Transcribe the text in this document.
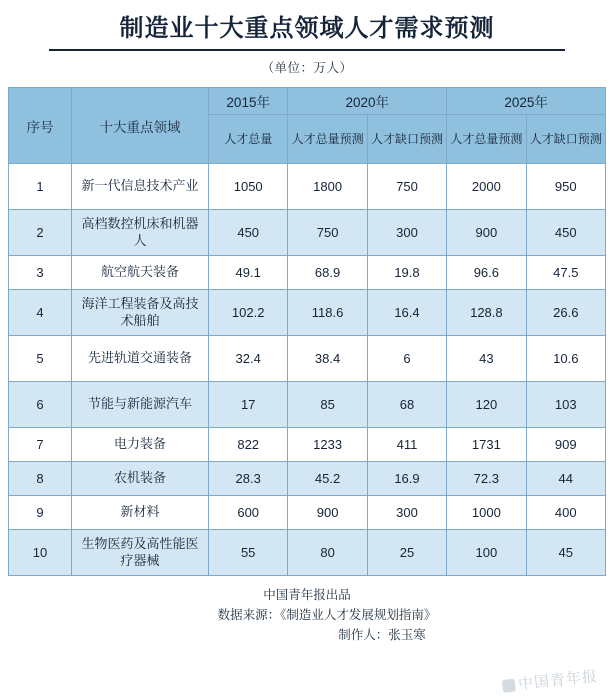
制造业十大重点领域人才需求预测
（单位：万人）
序号	十大重点领域	2015年	2020年		2025年	
		人才总量	人才总量预测	人才缺口预测	人才总量预测	人才缺口预测
1	新一代信息技术产业	1050	1800	750	2000	950
2	高档数控机床和机器人	450	750	300	900	450
3	航空航天装备	49.1	68.9	19.8	96.6	47.5
4	海洋工程装备及高技术船舶	102.2	118.6	16.4	128.8	26.6
5	先进轨道交通装备	32.4	38.4	6	43	10.6
6	节能与新能源汽车	17	85	68	120	103
7	电力装备	822	1233	411	1731	909
8	农机装备	28.3	45.2	16.9	72.3	44
9	新材料	600	900	300	1000	400
10	生物医药及高性能医疗器械	55	80	25	100	45
中国青年报出品
数据来源：《制造业人才发展规划指南》
制作人：张玉寒
中国青年报
